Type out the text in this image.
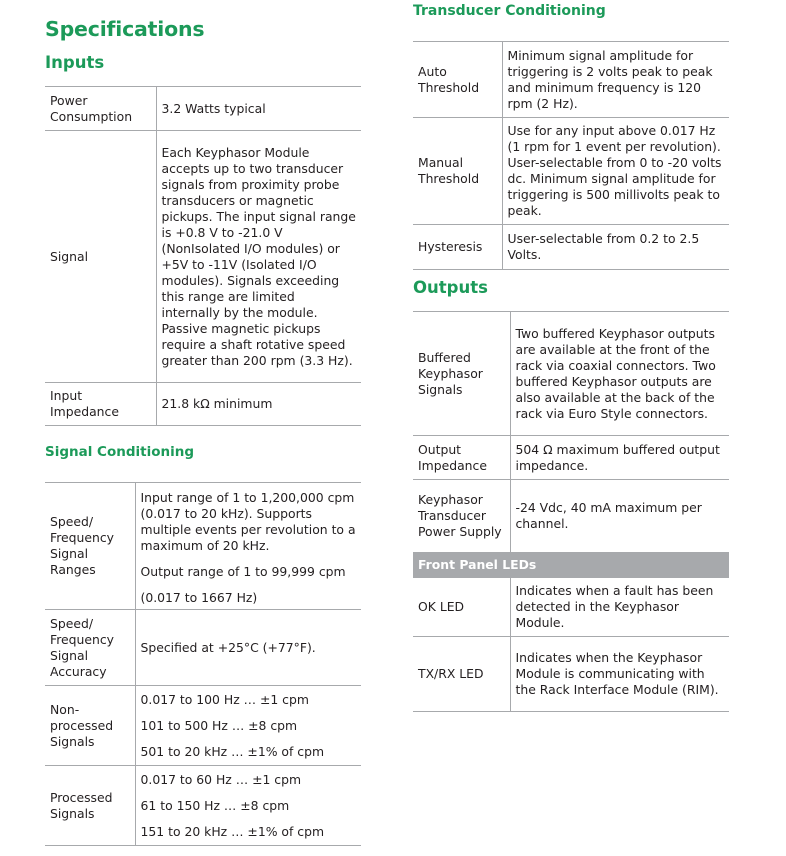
Specifications
Inputs
Power Consumption	3.2 Watts typical
Signal	Each Keyphasor Module accepts up to two transducer signals from proximity probe transducers or magnetic pickups. The input signal range is +0.8 V to -21.0 V (NonIsolated I/O modules) or +5V to -11V (Isolated I/O modules). Signals exceeding this range are limited internally by the module. Passive magnetic pickups require a shaft rotative speed greater than 200 rpm (3.3 Hz).
Input Impedance	21.8 kΩ minimum
Signal Conditioning
Speed/ Frequency Signal Ranges	Input range of 1 to 1,200,000 cpm (0.017 to 20 kHz). Supports multiple events per revolution to a maximum of 20 kHz.
Output range of 1 to 99,999 cpm
(0.017 to 1667 Hz)

Speed/ Frequency Signal Accuracy	Specified at +25°C (+77°F).
Non-processed Signals	0.017 to 100 Hz … ±1 cpm
101 to 500 Hz … ±8 cpm
501 to 20 kHz … ±1% of cpm

Processed Signals	0.017 to 60 Hz … ±1 cpm
61 to 150 Hz … ±8 cpm
151 to 20 kHz … ±1% of cpm
Transducer Conditioning
Auto Threshold	Minimum signal amplitude for triggering is 2 volts peak to peak and minimum frequency is 120 rpm (2 Hz).
Manual Threshold	Use for any input above 0.017 Hz (1 rpm for 1 event per revolution). User-selectable from 0 to -20 volts dc. Minimum signal amplitude for triggering is 500 millivolts peak to peak.
Hysteresis	User-selectable from 0.2 to 2.5 Volts.
Outputs
Buffered Keyphasor Signals	Two buffered Keyphasor outputs are available at the front of the rack via coaxial connectors. Two buffered Keyphasor outputs are also available at the back of the rack via Euro Style connectors.
Output Impedance	504 Ω maximum buffered output impedance.
Keyphasor Transducer Power Supply	-24 Vdc, 40 mA maximum per channel.
Front Panel LEDs	
OK LED	Indicates when a fault has been detected in the Keyphasor Module.
TX/RX LED	Indicates when the Keyphasor Module is communicating with the Rack Interface Module (RIM).
